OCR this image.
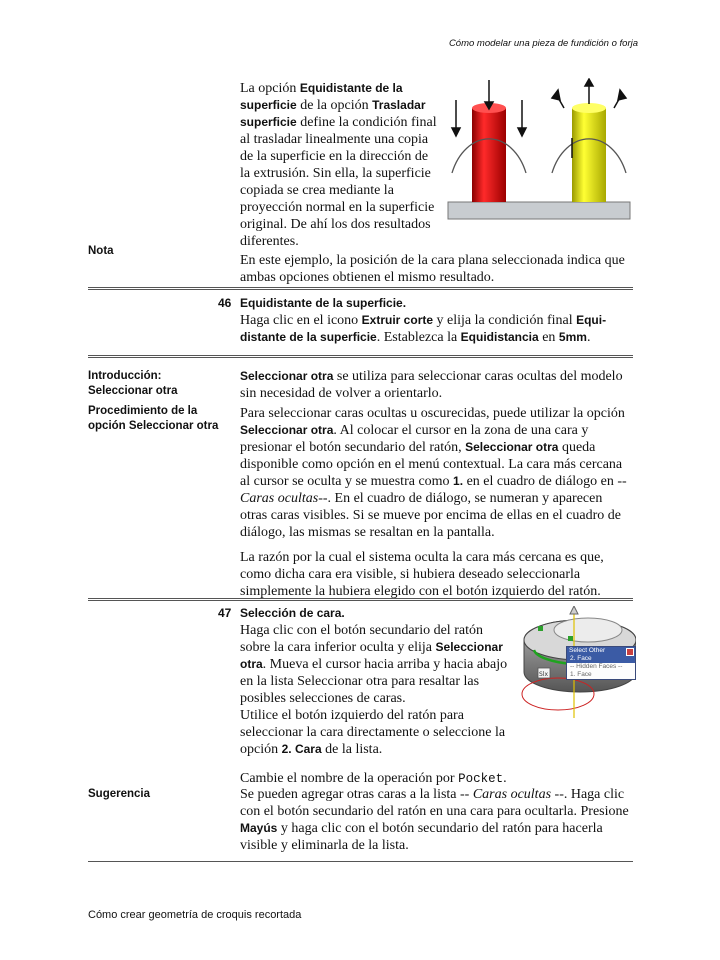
Cómo modelar una pieza de fundición o forja
La opción Equidistante de la superficie de la opción Trasladar superficie define la condición final al trasladar linealmente una copia de la superficie en la dirección de la extrusión. Sin ella, la superficie copiada se crea mediante la proyección normal en la superficie original. De ahí los dos resultados diferentes.
Nota
En este ejemplo, la posición de la cara plana seleccionada indica que ambas opciones obtienen el mismo resultado.
46 Equidistante de la superficie.
Haga clic en el icono Extruir corte y elija la condición final Equi-distante de la superficie. Establezca la Equidistancia en 5mm.
Introducción:
Seleccionar otra
Seleccionar otra se utiliza para seleccionar caras ocultas del modelo sin necesidad de volver a orientarlo.
Procedimiento de la opción Seleccionar otra

Para seleccionar caras ocultas u oscurecidas, puede utilizar la opción Seleccionar otra. Al colocar el cursor en la zona de una cara y presionar el botón secundario del ratón, Seleccionar otra queda disponible como opción en el menú contextual. La cara más cercana al cursor se oculta y se muestra como 1. en el cuadro de diálogo en --Caras ocultas--. En el cuadro de diálogo, se numeran y aparecen otras caras visibles. Si se mueve por encima de ellas en el cuadro de diálogo, las mismas se resaltan en la pantalla.

La razón por la cual el sistema oculta la cara más cercana es que, como dicha cara era visible, si hubiera deseado seleccionarla simplemente la hubiera elegido con el botón izquierdo del ratón.

47 Selección de cara.
Haga clic con el botón secundario del ratón sobre la cara inferior oculta y elija Seleccionar otra. Mueva el cursor hacia arriba y hacia abajo en la lista Seleccionar otra para resaltar las posibles selecciones de caras.
Utilice el botón izquierdo del ratón para seleccionar la cara directamente o seleccione la opción 2. Cara de la lista.
Slx
Select Other
2. Face
-- Hidden Faces --
1. Face
Cambie el nombre de la operación por Pocket.
Sugerencia	Se pueden agregar otras caras a la lista -- Caras ocultas --. Haga clic con el botón secundario del ratón en una cara para ocultarla. Presione Mayús y haga clic con el botón secundario del ratón para hacerla visible y eliminarla de la lista.
Cómo crear geometría de croquis recortada
